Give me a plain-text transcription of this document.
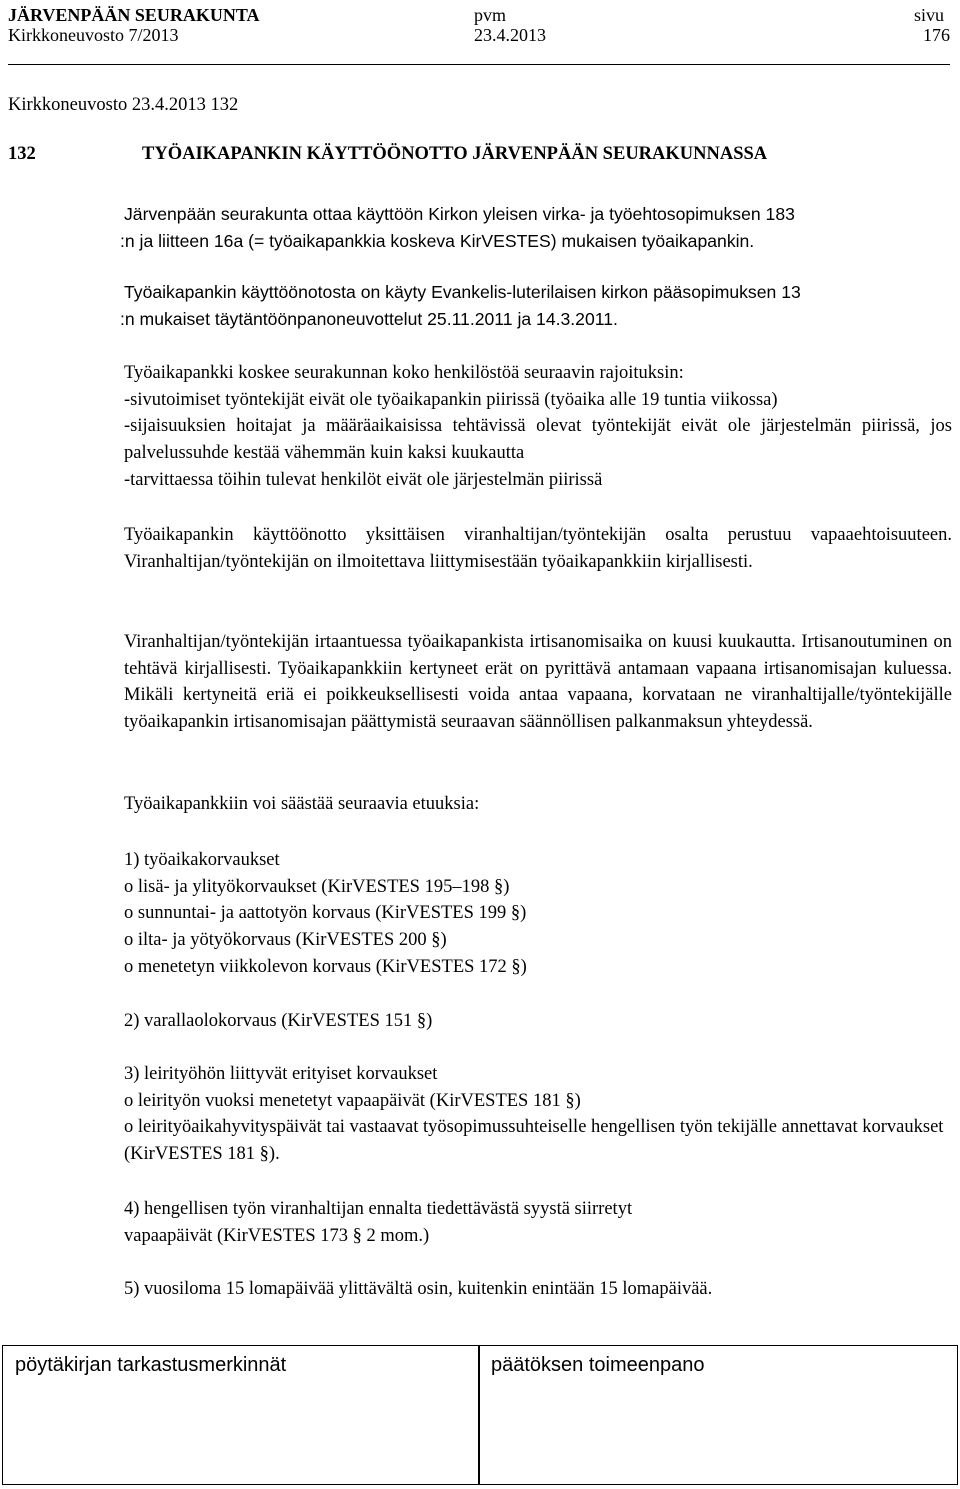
JÄRVENPÄÄN SEURAKUNTA
Kirkkoneuvosto 7/2013
pvm
23.4.2013
sivu
176
Kirkkoneuvosto 23.4.2013 132
132	TYÖAIKAPANKIN KÄYTTÖÖNOTTO JÄRVENPÄÄN SEURAKUNNASSA

Järvenpään seurakunta ottaa käyttöön Kirkon yleisen virka- ja työehtosopimuksen 183

:n ja liitteen 16a (= työaikapankkia koskeva KirVESTES) mukaisen työaikapankin.

Työaikapankin käyttöönotosta on käyty Evankelis-luterilaisen kirkon pääsopimuksen 13

:n mukaiset täytäntöönpanoneuvottelut 25.11.2011 ja 14.3.2011.

Työaikapankki koskee seurakunnan koko henkilöstöä seuraavin rajoituksin:

-sivutoimiset työntekijät eivät ole työaikapankin piirissä (työaika alle 19 tuntia viikossa)

-sijaisuuksien hoitajat ja määräaikaisissa tehtävissä olevat työntekijät eivät ole järjestelmän piirissä, jos palvelussuhde kestää vähemmän kuin kaksi kuukautta

-tarvittaessa töihin tulevat henkilöt eivät ole järjestelmän piirissä

Työaikapankin käyttöönotto yksittäisen viranhaltijan/työntekijän osalta perustuu vapaaehtoisuuteen. Viranhaltijan/työntekijän on ilmoitettava liittymisestään työaikapankkiin kirjallisesti.

Viranhaltijan/työntekijän irtaantuessa työaikapankista irtisanomisaika on kuusi kuukautta. Irtisanoutuminen on tehtävä kirjallisesti. Työaikapankkiin kertyneet erät on pyrittävä antamaan vapaana irtisanomisajan kuluessa. Mikäli kertyneitä eriä ei poikkeuksellisesti voida antaa vapaana, korvataan ne viranhaltijalle/työntekijälle työaikapankin irtisanomisajan päättymistä seuraavan säännöllisen palkanmaksun yhteydessä.

Työaikapankkiin voi säästää seuraavia etuuksia:

1) työaikakorvaukset

o lisä- ja ylityökorvaukset (KirVESTES 195–198 §)

o sunnuntai- ja aattotyön korvaus (KirVESTES 199 §)

o ilta- ja yötyökorvaus (KirVESTES 200 §)

o menetetyn viikkolevon korvaus (KirVESTES 172 §)

2) varallaolokorvaus (KirVESTES 151 §)

3) leirityöhön liittyvät erityiset korvaukset

o leirityön vuoksi menetetyt vapaapäivät (KirVESTES 181 §)

o leirityöaikahyvityspäivät tai vastaavat työsopimussuhteiselle hengellisen työn tekijälle annettavat korvaukset (KirVESTES 181 §).

4) hengellisen työn viranhaltijan ennalta tiedettävästä syystä siirretyt

vapaapäivät (KirVESTES 173 § 2 mom.)

5) vuosiloma 15 lomapäivää ylittävältä osin, kuitenkin enintään 15 lomapäivää.

pöytäkirjan tarkastusmerkinnät	päätöksen toimeenpano
